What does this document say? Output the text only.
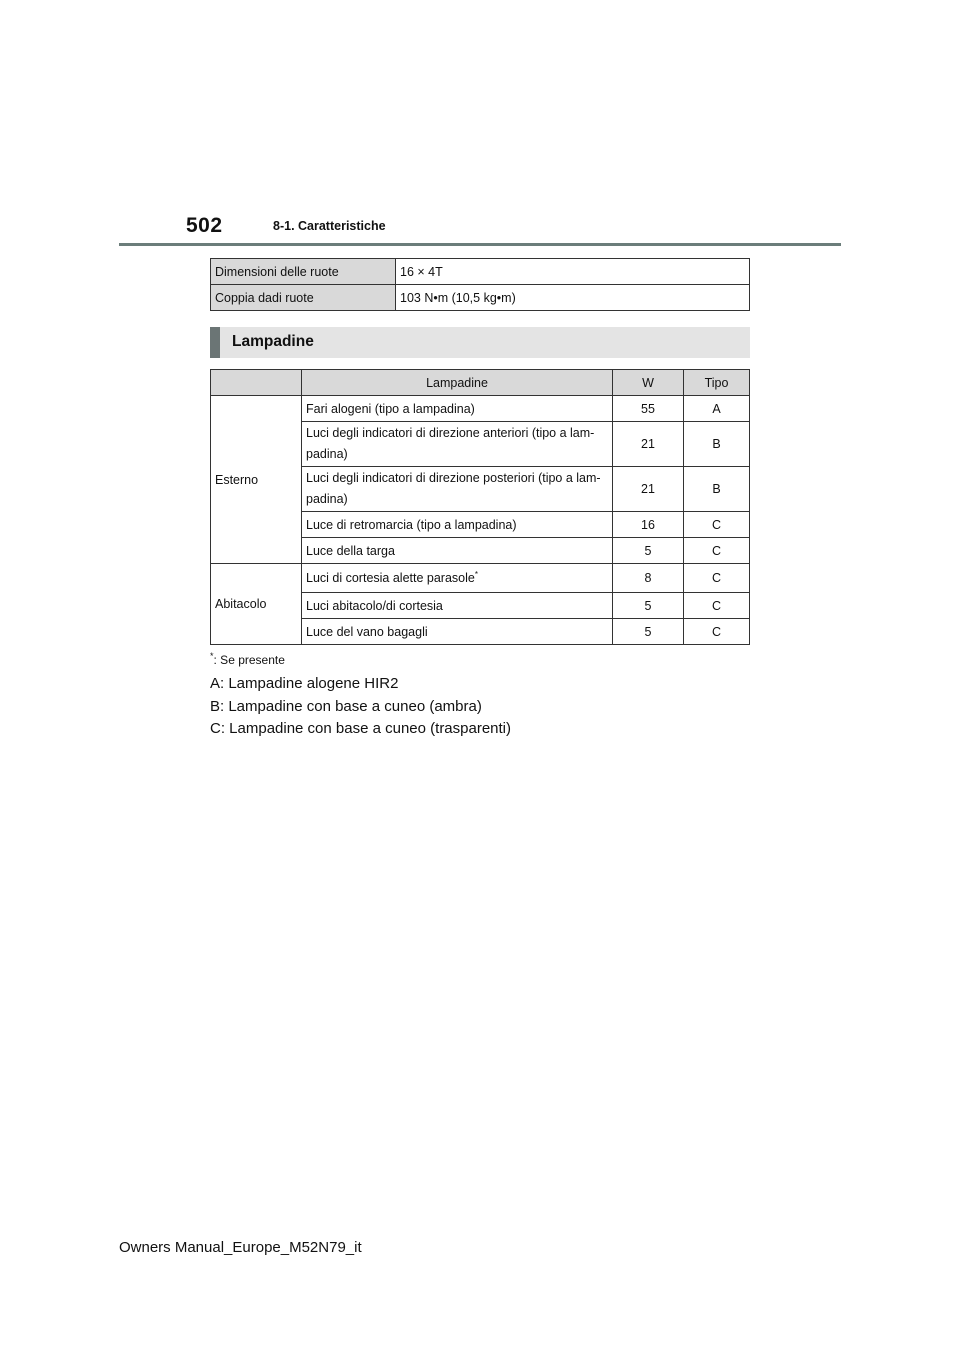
502	8-1. Caratteristiche
Dimensioni delle ruote	16 × 4T
Coppia dadi ruote	103 N•m (10,5 kg•m)
Lampadine
	Lampadine	W	Tipo
Esterno	Fari alogeni (tipo a lampadina)	55	A
	Luci degli indicatori di direzione anteriori (tipo a lam-
padina)	21	B
	Luci degli indicatori di direzione posteriori (tipo a lam-
padina)	21	B
	Luce di retromarcia (tipo a lampadina)	16	C
	Luce della targa	5	C
Abitacolo	Luci di cortesia alette parasole*	8	C
	Luci abitacolo/di cortesia	5	C
	Luce del vano bagagli	5	C
*: Se presente
A: Lampadine alogene HIR2
B: Lampadine con base a cuneo (ambra)
C: Lampadine con base a cuneo (trasparenti)
Owners Manual_Europe_M52N79_it
